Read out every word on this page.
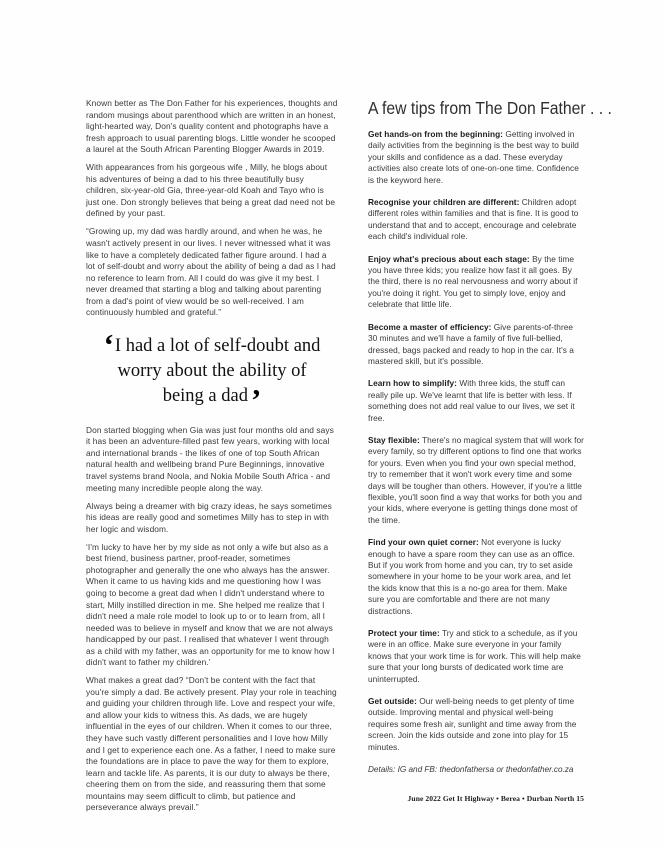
Known better as The Don Father for his experiences, thoughts and random musings about parenthood which are written in an honest, light-hearted way, Don's quality content and photographs have a fresh approach to usual parenting blogs. Little wonder he scooped a laurel at the South African Parenting Blogger Awards in 2019.

With appearances from his gorgeous wife , Milly, he blogs about his adventures of being a dad to his three beautifully busy children, six-year-old Gia, three-year-old Koah and Tayo who is just one. Don strongly believes that being a great dad need not be defined by your past.

“Growing up, my dad was hardly around, and when he was, he wasn't actively present in our lives. I never witnessed what it was like to have a completely dedicated father figure around. I had a lot of self-doubt and worry about the ability of being a dad as I had no reference to learn from. All I could do was give it my best. I never dreamed that starting a blog and talking about parenting from a dad's point of view would be so well-received. I am continuously humbled and grateful.”

‘I had a lot of self-doubt and
worry about the ability of
being a dad’

Don started blogging when Gia was just four months old and says it has been an adventure-filled past few years, working with local and international brands - the likes of one of top South African natural health and wellbeing brand Pure Beginnings, innovative travel systems brand Noola, and Nokia Mobile South Africa - and meeting many incredible people along the way.

Always being a dreamer with big crazy ideas, he says sometimes his ideas are really good and sometimes Milly has to step in with her logic and wisdom.

‘I'm lucky to have her by my side as not only a wife but also as a best friend, business partner, proof-reader, sometimes photographer and generally the one who always has the answer. When it came to us having kids and me questioning how I was going to become a great dad when I didn't understand where to start, Milly instilled direction in me. She helped me realize that I didn't need a male role model to look up to or to learn from, all I needed was to believe in myself and know that we are not always handicapped by our past. I realised that whatever I went through as a child with my father, was an opportunity for me to know how I didn't want to father my children.’

What makes a great dad? “Don't be content with the fact that you're simply a dad. Be actively present. Play your role in teaching and guiding your children through life. Love and respect your wife, and allow your kids to witness this. As dads, we are hugely influential in the eyes of our children. When it comes to our three, they have such vastly different personalities and I love how Milly and I get to experience each one. As a father, I need to make sure the foundations are in place to pave the way for them to explore, learn and tackle life. As parents, it is our duty to always be there, cheering them on from the side, and reassuring them that some mountains may seem difficult to climb, but patience and perseverance always prevail.”

A few tips from The Don Father . . .

Get hands-on from the beginning: Getting involved in daily activities from the beginning is the best way to build your skills and confidence as a dad. These everyday activities also create lots of one-on-one time. Confidence is the keyword here.

Recognise your children are different: Children adopt different roles within families and that is fine. It is good to understand that and to accept, encourage and celebrate each child's individual role.

Enjoy what's precious about each stage: By the time you have three kids; you realize how fast it all goes. By the third, there is no real nervousness and worry about if you're doing it right. You get to simply love, enjoy and celebrate that little life.

Become a master of efficiency: Give parents-of-three 30 minutes and we'll have a family of five full-bellied, dressed, bags packed and ready to hop in the car. It's a mastered skill, but it's possible.

Learn how to simplify: With three kids, the stuff can really pile up. We've learnt that life is better with less. If something does not add real value to our lives, we set it free.

Stay flexible: There's no magical system that will work for every family, so try different options to find one that works for yours. Even when you find your own special method, try to remember that it won't work every time and some days will be tougher than others. However, if you're a little flexible, you'll soon find a way that works for both you and your kids, where everyone is getting things done most of the time.

Find your own quiet corner: Not everyone is lucky enough to have a spare room they can use as an office. But if you work from home and you can, try to set aside somewhere in your home to be your work area, and let the kids know that this is a no-go area for them. Make sure you are comfortable and there are not many distractions.

Protect your time: Try and stick to a schedule, as if you were in an office. Make sure everyone in your family knows that your work time is for work. This will help make sure that your long bursts of dedicated work time are uninterrupted.

Get outside: Our well-being needs to get plenty of time outside. Improving mental and physical well-being requires some fresh air, sunlight and time away from the screen. Join the kids outside and zone into play for 15 minutes.

Details: IG and FB: thedonfathersa or thedonfather.co.za

June 2022 Get It Highway • Berea • Durban North 15
